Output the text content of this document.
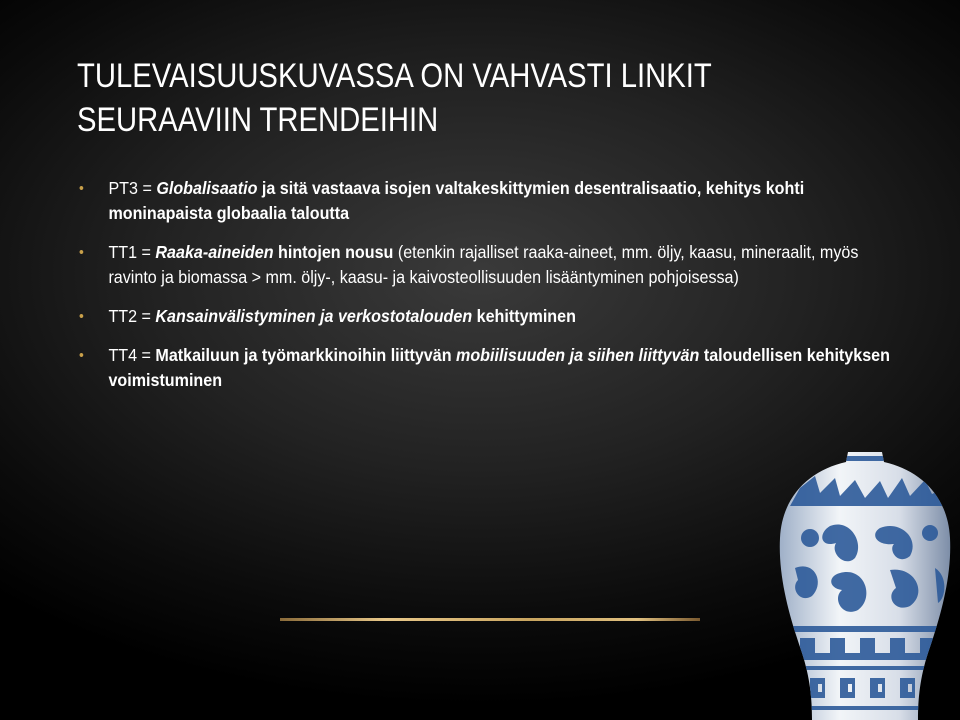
TULEVAISUUSKUVASSA ON VAHVASTI LINKIT
SEURAAVIIN TRENDEIHIN
• PT3 = Globalisaatio ja sitä vastaava isojen valtakeskittymien desentralisaatio, kehitys kohti moninapaista globaalia taloutta
• TT1 = Raaka-aineiden hintojen nousu (etenkin rajalliset raaka-aineet, mm. öljy, kaasu, mineraalit, myös ravinto ja biomassa > mm. öljy-, kaasu- ja kaivosteollisuuden lisääntyminen pohjoisessa)
• TT2 = Kansainvälistyminen ja verkostotalouden kehittyminen
• TT4 = Matkailuun ja työmarkkinoihin liittyvän mobiilisuuden ja siihen liittyvän taloudellisen kehityksen voimistuminen
